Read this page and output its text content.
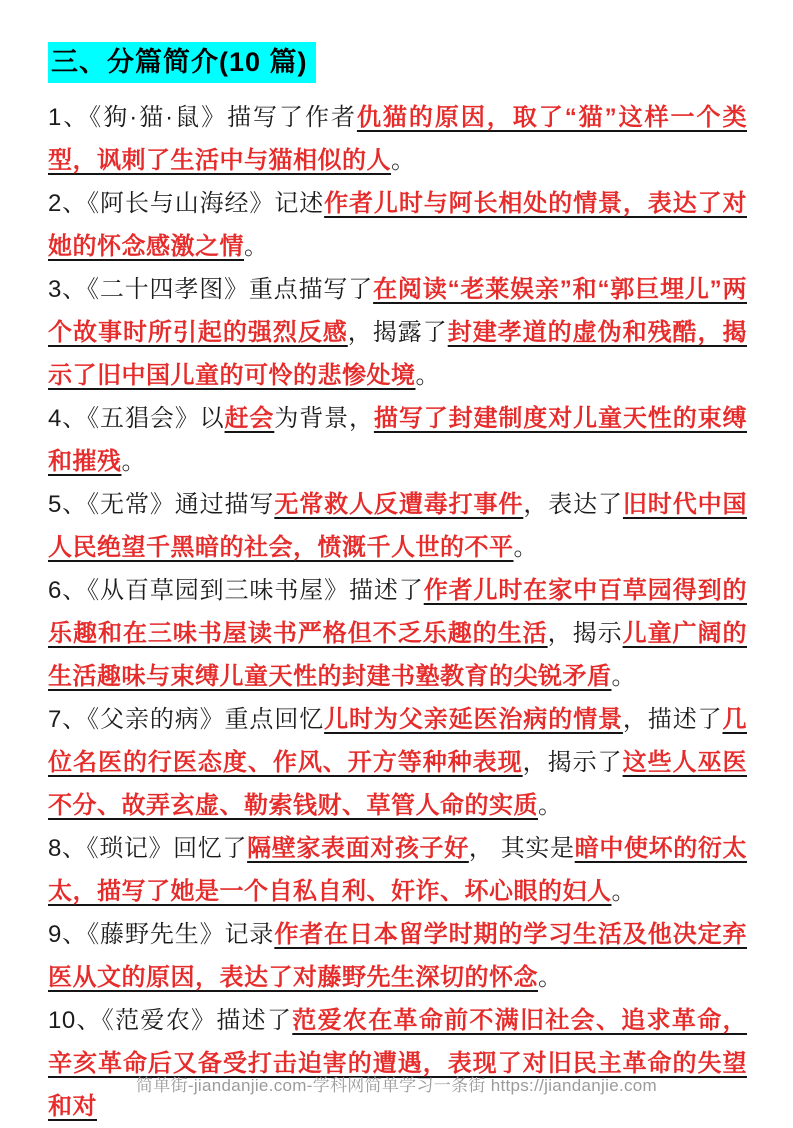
三、分篇简介(10 篇)

1、《狗·猫·鼠》描写了作者仇猫的原因，取了“猫”这样一个类型，讽刺了生活中与猫相似的人。

2、《阿长与山海经》记述作者儿时与阿长相处的情景，表达了对她的怀念感激之情。

3、《二十四孝图》重点描写了在阅读“老莱娱亲”和“郭巨埋儿”两个故事时所引起的强烈反感，揭露了封建孝道的虚伪和残酷，揭示了旧中国儿童的可怜的悲惨处境。

4、《五猖会》以赶会为背景，描写了封建制度对儿童天性的束缚和摧残。

5、《无常》通过描写无常救人反遭毒打事件，表达了旧时代中国人民绝望千黑暗的社会，愤溉千人世的不平。

6、《从百草园到三味书屋》描述了作者儿时在家中百草园得到的乐趣和在三味书屋读书严格但不乏乐趣的生活，揭示儿童广阔的生活趣味与束缚儿童天性的封建书塾教育的尖锐矛盾。

7、《父亲的病》重点回忆儿时为父亲延医治病的情景，描述了几位名医的行医态度、作风、开方等种种表现，揭示了这些人巫医不分、故弄玄虚、勒索钱财、草管人命的实质。

8、《琐记》回忆了隔壁家表面对孩子好， 其实是暗中使坏的衍太太，描写了她是一个自私自利、奸诈、坏心眼的妇人。

9、《藤野先生》记录作者在日本留学时期的学习生活及他决定弃医从文的原因，表达了对藤野先生深切的怀念。

10、《范爱农》描述了范爱农在革命前不满旧社会、追求革命，辛亥革命后又备受打击迫害的遭遇，表现了对旧民主革命的失望和对

简单街-jiandanjie.com-学科网简单学习一条街 https://jiandanjie.com
